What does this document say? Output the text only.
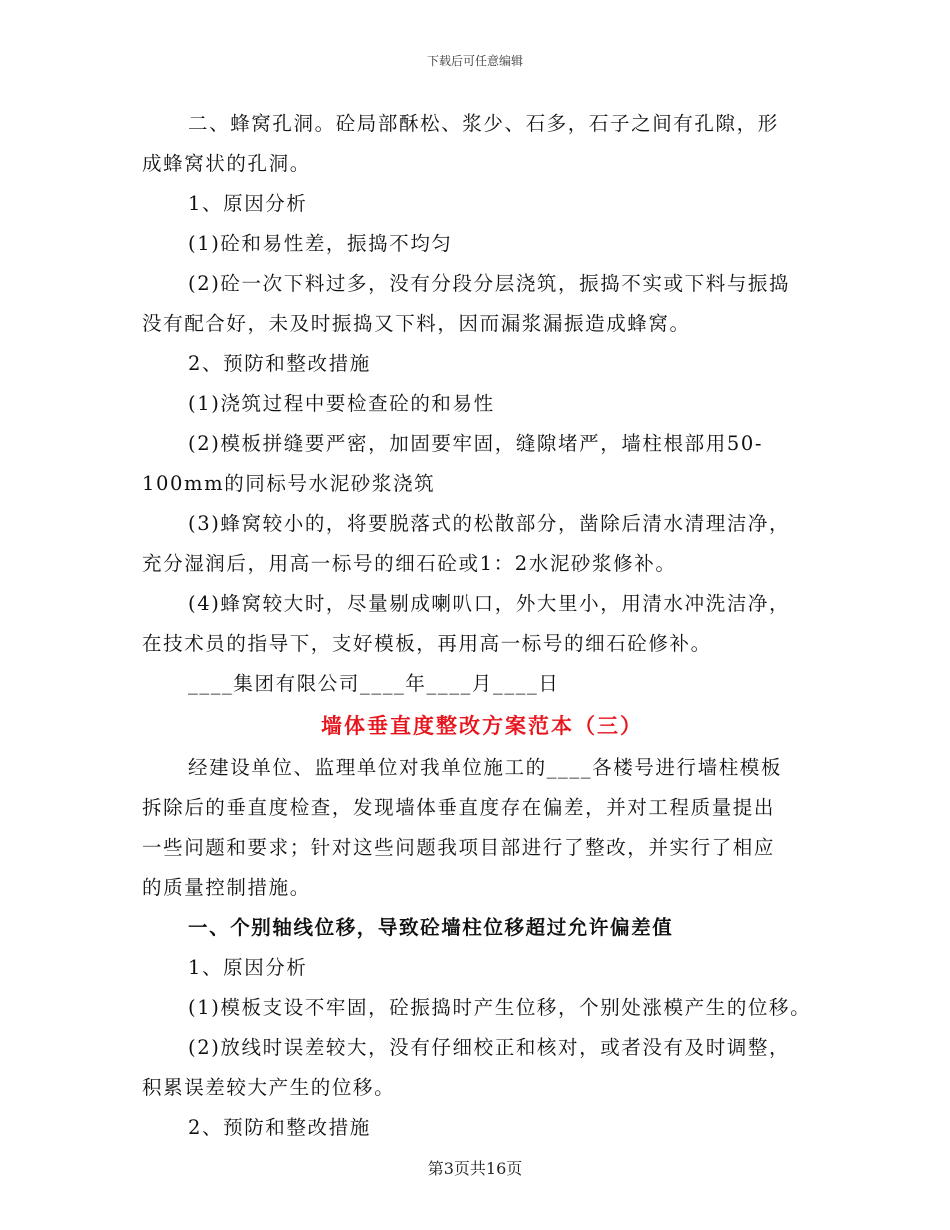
下载后可任意编辑
二、蜂窝孔洞。砼局部酥松、浆少、石多，石子之间有孔隙，形
成蜂窝状的孔洞。
1、原因分析
(1)砼和易性差，振捣不均匀
(2)砼一次下料过多，没有分段分层浇筑，振捣不实或下料与振捣
没有配合好，未及时振捣又下料，因而漏浆漏振造成蜂窝。
2、预防和整改措施
(1)浇筑过程中要检查砼的和易性
(2)模板拼缝要严密，加固要牢固，缝隙堵严，墙柱根部用50-
100mm的同标号水泥砂浆浇筑
(3)蜂窝较小的，将要脱落式的松散部分，凿除后清水清理洁净，
充分湿润后，用高一标号的细石砼或1：2水泥砂浆修补。
(4)蜂窝较大时，尽量剔成喇叭口，外大里小，用清水冲洗洁净，
在技术员的指导下，支好模板，再用高一标号的细石砼修补。
____集团有限公司____年____月____日
墙体垂直度整改方案范本（三）
经建设单位、监理单位对我单位施工的____各楼号进行墙柱模板
拆除后的垂直度检查，发现墙体垂直度存在偏差，并对工程质量提出
一些问题和要求；针对这些问题我项目部进行了整改，并实行了相应
的质量控制措施。
一、个别轴线位移，导致砼墙柱位移超过允许偏差值
1、原因分析
(1)模板支设不牢固，砼振捣时产生位移，个别处涨模产生的位移。
(2)放线时误差较大，没有仔细校正和核对，或者没有及时调整，
积累误差较大产生的位移。
2、预防和整改措施
第3页共16页
